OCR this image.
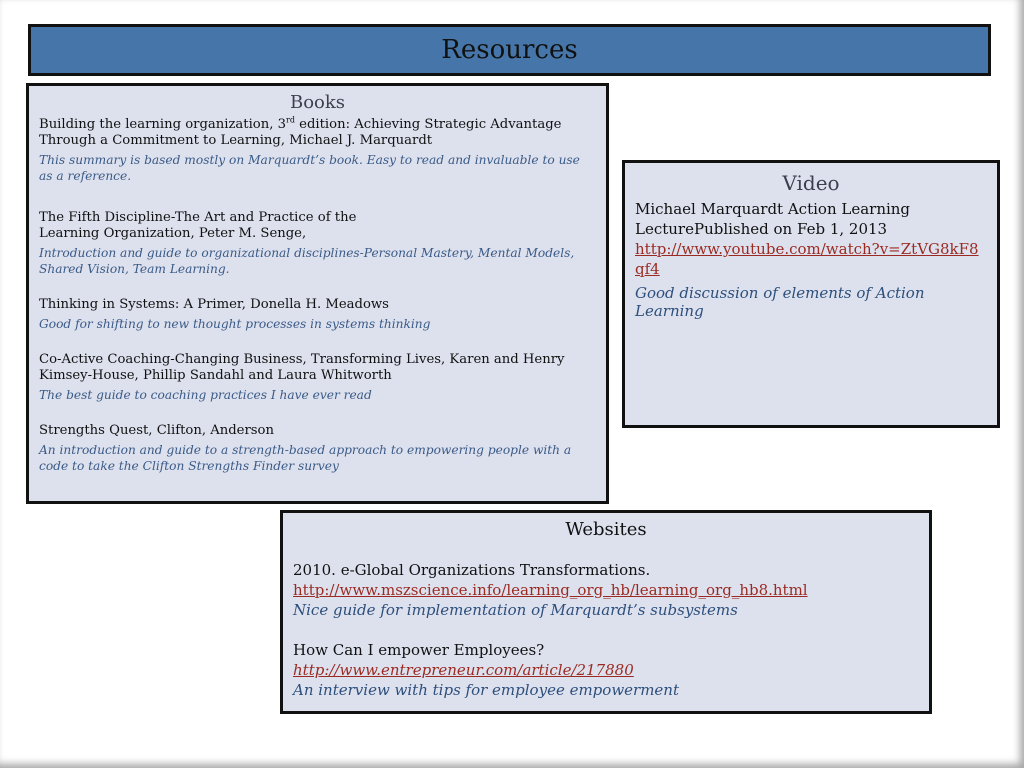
Resources
Books
Building the learning organization, 3rd edition: Achieving Strategic Advantage Through a Commitment to Learning, Michael J. Marquardt
This summary is based mostly on Marquardt’s book. Easy to read and invaluable to use as a reference.
The Fifth Discipline-The Art and Practice of the Learning Organization, Peter M. Senge,
Introduction and guide to organizational disciplines-Personal Mastery, Mental Models, Shared Vision, Team Learning.
Thinking in Systems: A Primer, Donella H. Meadows
Good for shifting to new thought processes in systems thinking
Co-Active Coaching-Changing Business, Transforming Lives, Karen and Henry Kimsey-House, Phillip Sandahl and Laura Whitworth
The best guide to coaching practices I have ever read
Strengths Quest, Clifton, Anderson
An introduction and guide to a strength-based approach to empowering people with a code to take the Clifton Strengths Finder survey
Video
Michael Marquardt Action Learning
LecturePublished on Feb 1, 2013
http://www.youtube.com/watch?v=ZtVG8kF8qf4
Good discussion of elements of Action Learning
Websites
2010. e-Global Organizations Transformations.
http://www.mszscience.info/learning_org_hb/learning_org_hb8.html
Nice guide for implementation of Marquardt’s subsystems
How Can I empower Employees?
http://www.entrepreneur.com/article/217880
An interview with tips for employee empowerment
